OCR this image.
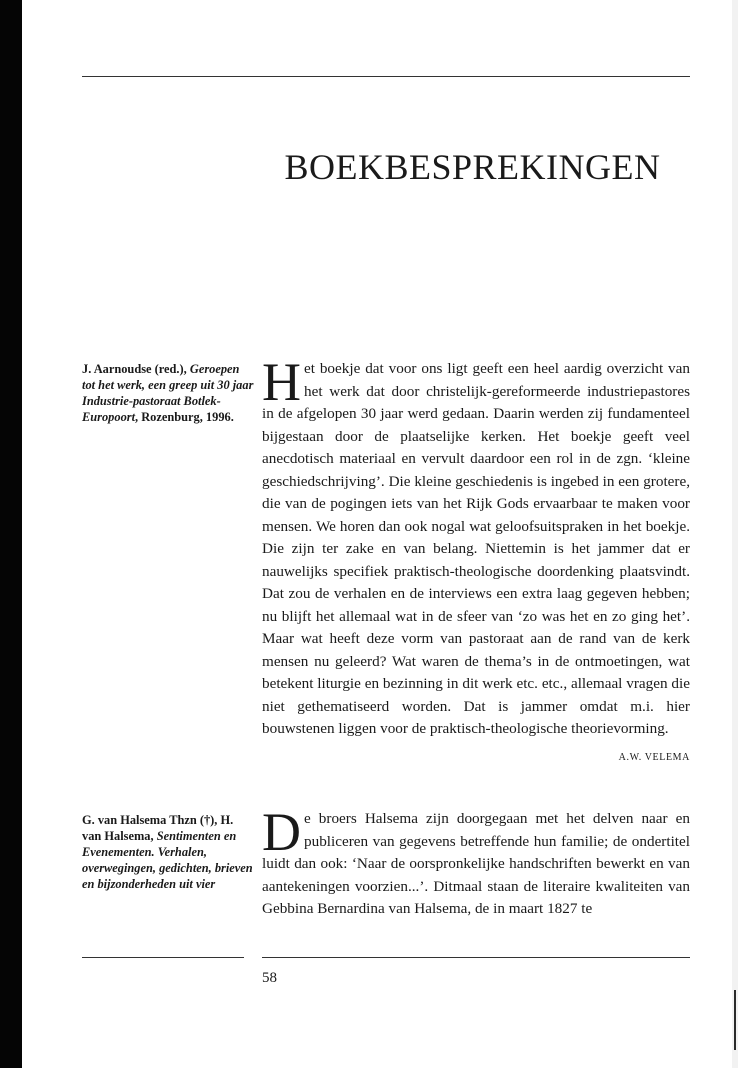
BOEKBESPREKINGEN
J. Aarnoudse (red.), Geroepen tot het werk, een greep uit 30 jaar Industrie-pastoraat Botlek-Europoort, Rozenburg, 1996.

Het boekje dat voor ons ligt geeft een heel aardig overzicht van het werk dat door christelijk-gereformeerde industriepastores in de afgelopen 30 jaar werd gedaan. Daarin werden zij fundamenteel bijgestaan door de plaatselijke kerken. Het boekje geeft veel anecdotisch materiaal en vervult daardoor een rol in de zgn. ‘kleine geschiedschrijving’. Die kleine geschiedenis is ingebed in een grotere, die van de pogingen iets van het Rijk Gods ervaarbaar te maken voor mensen. We horen dan ook nogal wat geloofsuitspraken in het boekje. Die zijn ter zake en van belang. Niettemin is het jammer dat er nauwelijks specifiek praktisch-theologische doordenking plaatsvindt. Dat zou de verhalen en de interviews een extra laag gegeven hebben; nu blijft het allemaal wat in de sfeer van ‘zo was het en zo ging het’. Maar wat heeft deze vorm van pastoraat aan de rand van de kerk mensen nu geleerd? Wat waren de thema’s in de ontmoetingen, wat betekent liturgie en bezinning in dit werk etc. etc., allemaal vragen die niet gethematiseerd worden. Dat is jammer omdat m.i. hier bouwstenen liggen voor de praktisch-theologische theorievorming.

A.W. VELEMA
G. van Halsema Thzn (†), H. van Halsema, Sentimenten en Evenementen. Verhalen, overwegingen, gedichten, brieven en bijzonderheden uit vier

De broers Halsema zijn doorgegaan met het delven naar en publiceren van gegevens betreffende hun familie; de ondertitel luidt dan ook: ‘Naar de oorspronkelijke handschriften bewerkt en van aantekeningen voorzien...’. Ditmaal staan de literaire kwaliteiten van Gebbina Bernardina van Halsema, de in maart 1827 te

58
